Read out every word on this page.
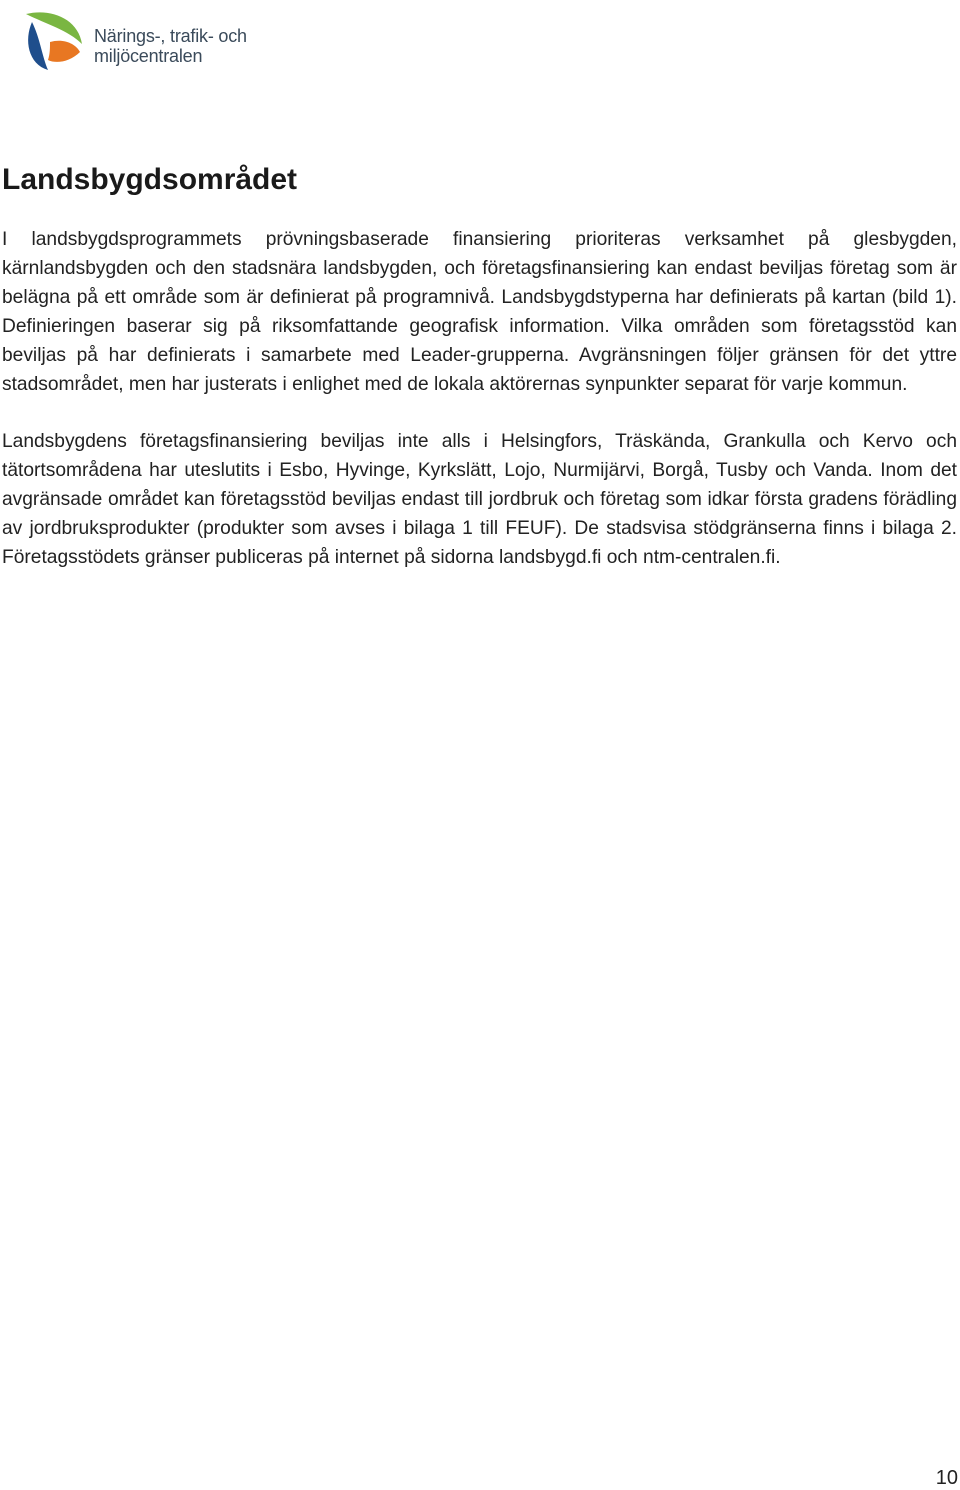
Närings-, trafik- och
miljöcentralen
Landsbygdsområdet

I landsbygdsprogrammets prövningsbaserade finansiering prioriteras verksamhet på glesbygden, kärnlandsbygden och den stadsnära landsbygden, och företagsfinansiering kan endast beviljas företag som är belägna på ett område som är definierat på programnivå. Landsbygdstyperna har definierats på kartan (bild 1). Definieringen baserar sig på riksomfattande geografisk information. Vilka områden som företagsstöd kan beviljas på har definierats i samarbete med Leader-grupperna. Avgränsningen följer gränsen för det yttre stadsområdet, men har justerats i enlighet med de lokala aktörernas synpunkter separat för varje kommun.

Landsbygdens företagsfinansiering beviljas inte alls i Helsingfors, Träskända, Grankulla och Kervo och tätortsområdena har uteslutits i Esbo, Hyvinge, Kyrkslätt, Lojo, Nurmijärvi, Borgå, Tusby och Vanda. Inom det avgränsade området kan företagsstöd beviljas endast till jordbruk och företag som idkar första gradens förädling av jordbruksprodukter (produkter som avses i bilaga 1 till FEUF). De stadsvisa stödgränserna finns i bilaga 2. Företagsstödets gränser publiceras på internet på sidorna landsbygd.fi och ntm-centralen.fi.

10
